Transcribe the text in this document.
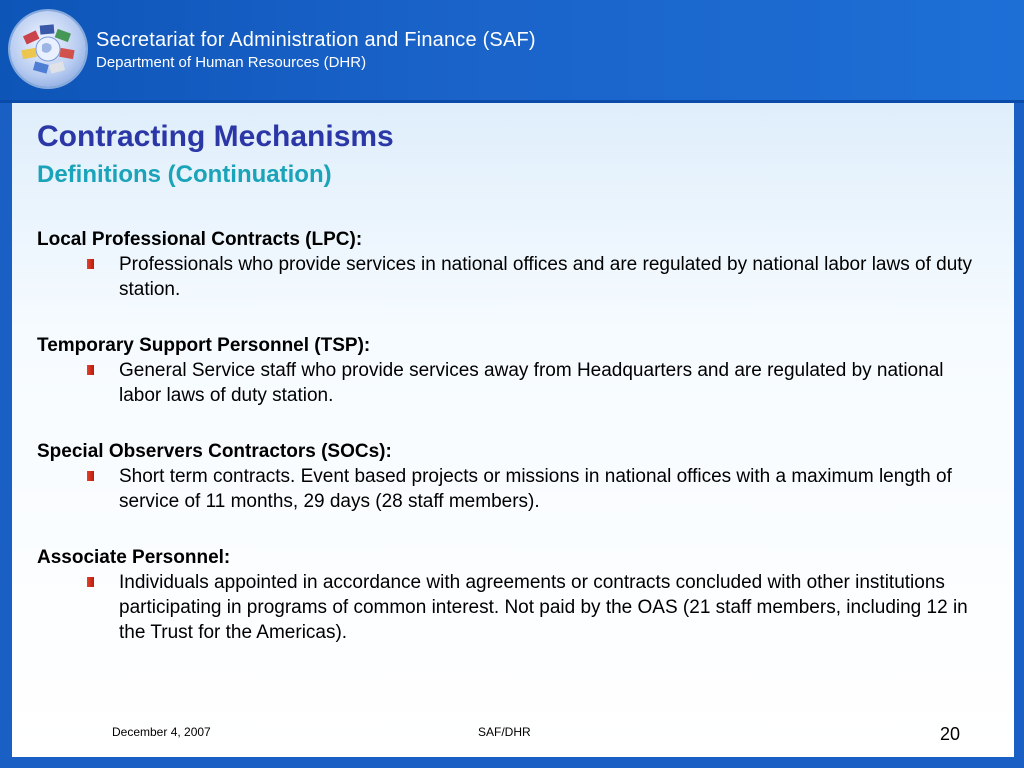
Secretariat for Administration and Finance (SAF)
Department of Human Resources (DHR)
Contracting Mechanisms
Definitions (Continuation)
Local Professional Contracts (LPC):
Professionals who provide services in national offices and are regulated by national labor laws of duty station.
Temporary Support Personnel (TSP):
General Service staff who provide services away from Headquarters and are regulated by national labor laws of duty station.
Special Observers Contractors (SOCs):
Short term contracts. Event based projects or missions in national offices with a maximum length of service of 11 months, 29 days (28 staff members).
Associate Personnel:
Individuals appointed in accordance with agreements or contracts concluded with other institutions participating in programs of common interest. Not paid by the OAS (21 staff members, including 12 in the Trust for the Americas).
December 4, 2007	SAF/DHR	20
